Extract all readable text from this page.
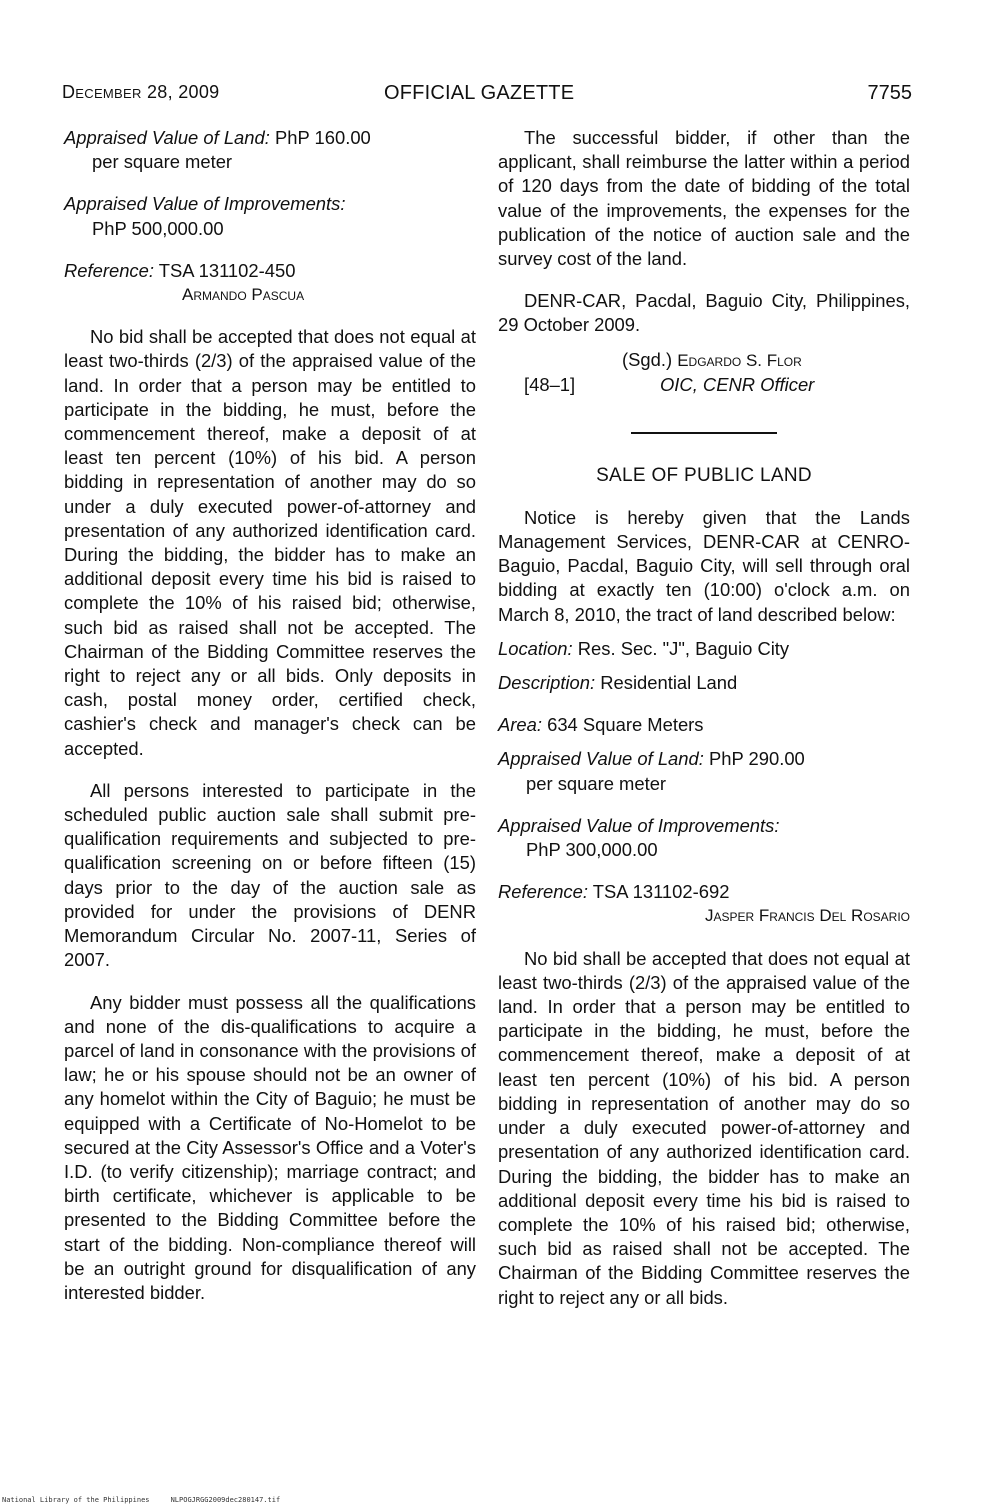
December 28, 2009	OFFICIAL GAZETTE	7755

Appraised Value of Land: PhP 160.00
per square meter

Appraised Value of Improvements:
PhP 500,000.00

Reference: TSA 131102-450
Armando Pascua

No bid shall be accepted that does not equal at least two-thirds (2/3) of the appraised value of the land. In order that a person may be entitled to participate in the bidding, he must, before the commencement thereof, make a deposit of at least ten percent (10%) of his bid. A person bidding in representation of another may do so under a duly executed power-of-attorney and presentation of any authorized identification card. During the bidding, the bidder has to make an additional deposit every time his bid is raised to complete the 10% of his raised bid; otherwise, such bid as raised shall not be accepted. The Chairman of the Bidding Committee reserves the right to reject any or all bids. Only deposits in cash, postal money order, certified check, cashier's check and manager's check can be accepted.

All persons interested to participate in the scheduled public auction sale shall submit pre-qualification requirements and subjected to pre-qualification screening on or before fifteen (15) days prior to the day of the auction sale as provided for under the provisions of DENR Memorandum Circular No. 2007-11, Series of 2007.

Any bidder must possess all the qualifications and none of the dis-qualifications to acquire a parcel of land in consonance with the provisions of law; he or his spouse should not be an owner of any homelot within the City of Baguio; he must be equipped with a Certificate of No-Homelot to be secured at the City Assessor's Office and a Voter's I.D. (to verify citizenship); marriage contract; and birth certificate, whichever is applicable to be presented to the Bidding Committee before the start of the bidding. Non-compliance thereof will be an outright ground for disqualification of any interested bidder.

The successful bidder, if other than the applicant, shall reimburse the latter within a period of 120 days from the date of bidding of the total value of the improvements, the expenses for the publication of the notice of auction sale and the survey cost of the land.

DENR-CAR, Pacdal, Baguio City, Philippines, 29 October 2009.

(Sgd.) Edgardo S. Flor
[48–1]	OIC, CENR Officer
SALE OF PUBLIC LAND

Notice is hereby given that the Lands Management Services, DENR-CAR at CENRO-Baguio, Pacdal, Baguio City, will sell through oral bidding at exactly ten (10:00) o'clock a.m. on March 8, 2010, the tract of land described below:

Location: Res. Sec. "J", Baguio City

Description: Residential Land

Area: 634 Square Meters

Appraised Value of Land: PhP 290.00
per square meter

Appraised Value of Improvements:
PhP 300,000.00

Reference: TSA 131102-692
Jasper Francis Del Rosario

No bid shall be accepted that does not equal at least two-thirds (2/3) of the appraised value of the land. In order that a person may be entitled to participate in the bidding, he must, before the commencement thereof, make a deposit of at least ten percent (10%) of his bid. A person bidding in representation of another may do so under a duly executed power-of-attorney and presentation of any authorized identification card. During the bidding, the bidder has to make an additional deposit every time his bid is raised to complete the 10% of his raised bid; otherwise, such bid as raised shall not be accepted. The Chairman of the Bidding Committee reserves the right to reject any or all bids.

National Library of the Philippines	NLPOGJRGG2009dec280147.tif
